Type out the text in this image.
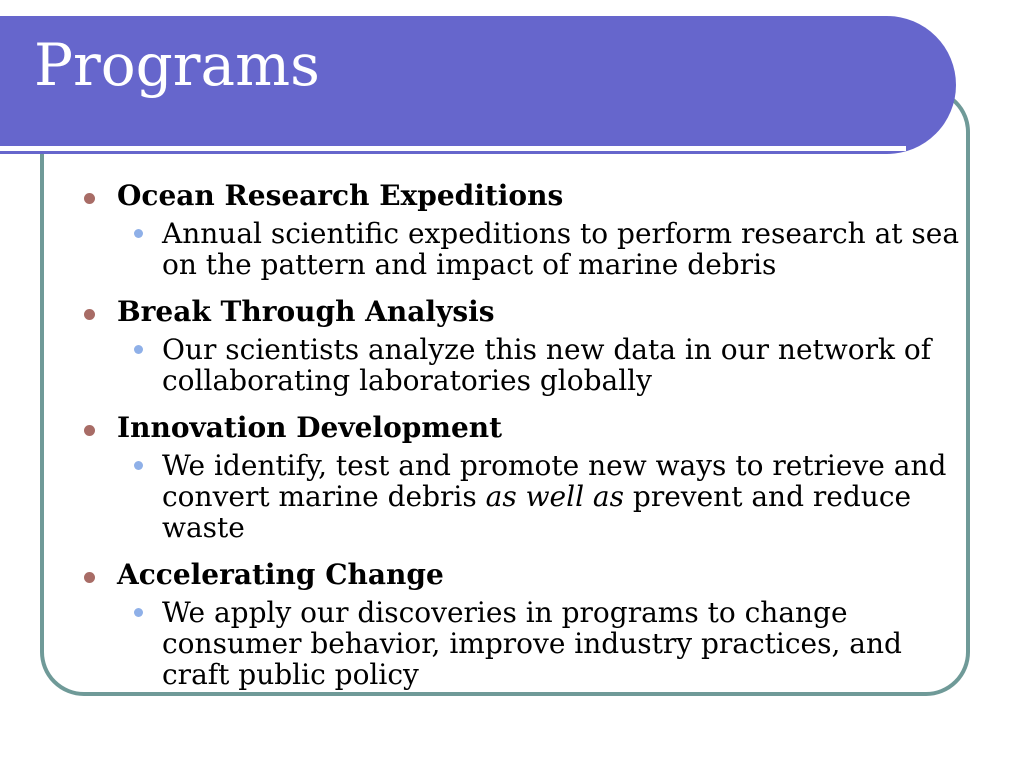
Programs
Ocean Research Expeditions
Annual scientific expeditions to perform research at sea on the pattern and impact of marine debris
Break Through Analysis
Our scientists analyze this new data in our network of collaborating laboratories globally
Innovation Development
We identify, test and promote new ways to retrieve and convert marine debris as well as prevent and reduce waste
Accelerating Change
We apply our discoveries in programs to change consumer behavior, improve industry practices, and craft public policy
